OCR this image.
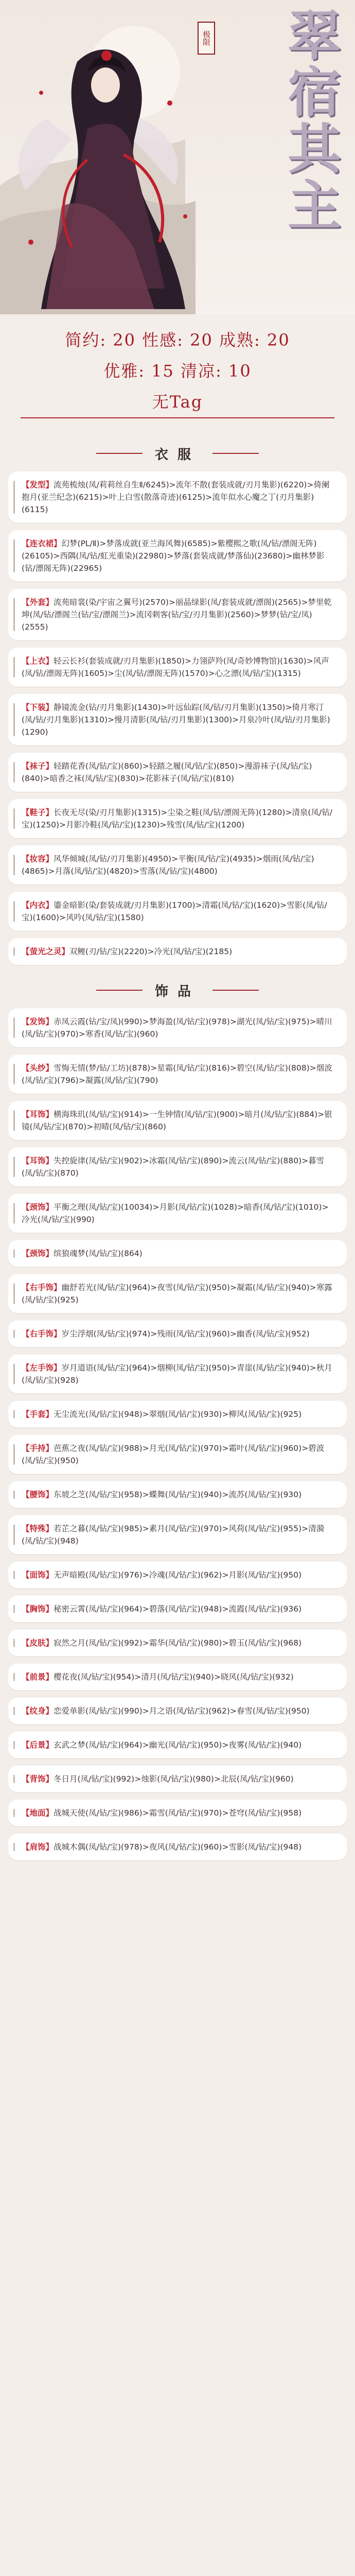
极限	翠宿其主
简约: 20 性感: 20 成熟: 20
优雅: 15 清凉: 10
无Tag
衣服
【发型】流苑梳烛(凤/莉莉丝自生Ⅱ/6245)>流年不散(套装成就/刃月集影)(6220)>倚阑抱月(亚兰纪念)(6215)>叶上白雪(散落奇迹)(6125)>流年似水心魔之丁(刃月集影)(6115)
【连衣裙】幻梦(PL/Ⅱ)>梦落成就(亚兰海风舞)(6585)>紫樱熙之歌(凤/钻/漂阁无阵)(26105)>西隅(凤/钻/虹光重染)(22980)>梦落(套装成就/梦落仙)(23680)>幽林梦影(钻/漂阁无阵)(22965)
【外套】流苑暗裳(染/宇宙之翼号)(2570)>丽晶绿影(凤/套装成就/漂阁)(2565)>梦里乾坤(凤/钻/漂阁兰(钻/宝/漂阁兰)>流冈刺客(钻/宝/刃月集影)(2560)>梦梦(钻/宝/凤)(2555)
【上衣】轻云长衫(套装成就/刃月集影)(1850)>力翎萨羚(凤/奇妙博物馆)(1630)>风声(凤/钻/漂阁无阵)(1605)>尘(凤/钻/漂阁无阵)(1570)>心之漂(凤/钻/宝)(1315)
【下装】静镜流金(钻/刃月集影)(1430)>叶远仙踪(凤/钻/刃月集影)(1350)>倚月寒汀(凤/钻/刃月集影)(1310)>慢月清影(凤/钻/刃月集影)(1300)>月泉冷叶(凤/钻/刃月集影)(1290)
【袜子】轻踏花香(凤/钻/宝)(860)>轻踏之履(凤/钻/宝)(850)>漫游袜子(凤/钻/宝)(840)>暗香之袜(凤/钻/宝)(830)>花影袜子(凤/钻/宝)(810)
【鞋子】长夜无尽(染/刃月集影)(1315)>尘染之鞋(凤/钻/漂阁无阵)(1280)>清泉(凤/钻/宝)(1250)>月影冷鞋(凤/钻/宝)(1230)>残雪(凤/钻/宝)(1200)
【妆容】风华倾城(凤/钻/刃月集影)(4950)>平衡(凤/钻/宝)(4935)>烟雨(凤/钻/宝)(4865)>月落(凤/钻/宝)(4820)>雪落(凤/钻/宝)(4800)
【内衣】鎏金暗影(染/套装成就/刃月集影)(1700)>清霜(凤/钻/宝)(1620)>雪影(凤/钻/宝)(1600)>风吟(凤/钻/宝)(1580)
【萤光之灵】双鲤(刃/钻/宝)(2220)>冷光(凤/钻/宝)(2185)
饰品
【发饰】赤凤云霞(钻/宝/凤)(990)>梦海盈(凤/钻/宝)(978)>湖光(凤/钻/宝)(975)>晴川(凤/钻/宝)(970)>寒香(凤/钻/宝)(960)
【头纱】雪悔无情(梦/钻/工坊)(878)>星霜(凤/钻/宝)(816)>碧空(凤/钻/宝)(808)>烟波(凤/钻/宝)(796)>凝露(凤/钻/宝)(790)
【耳饰】横海珠玑(凤/钻/宝)(914)>一生钟情(凤/钻/宝)(900)>暗月(凤/钻/宝)(884)>银镜(凤/钻/宝)(870)>初晴(凤/钻/宝)(860)
【耳饰】失控旋律(凤/钻/宝)(902)>冰霜(凤/钻/宝)(890)>流云(凤/钻/宝)(880)>暮雪(凤/钻/宝)(870)
【颈饰】平衡之理(凤/钻/宝)(10034)>月影(凤/钻/宝)(1028)>暗香(凤/钻/宝)(1010)>冷光(凤/钻/宝)(990)
【颈饰】缤狼魂梦(凤/钻/宝)(864)
【右手饰】幽舒若光(凤/钻/宝)(964)>夜雪(凤/钻/宝)(950)>凝霜(凤/钻/宝)(940)>寒露(凤/钻/宝)(925)
【右手饰】岁尘浮烟(凤/钻/宝)(974)>残雨(凤/钻/宝)(960)>幽香(凤/钻/宝)(952)
【左手饰】岁月道语(凤/钻/宝)(964)>烟柳(凤/钻/宝)(950)>青崖(凤/钻/宝)(940)>秋月(凤/钻/宝)(928)
【手套】无尘流光(凤/钻/宝)(948)>翠烟(凤/钻/宝)(930)>柳风(凤/钻/宝)(925)
【手持】芭蕉之夜(凤/钻/宝)(988)>月光(凤/钻/宝)(970)>霜叶(凤/钻/宝)(960)>碧波(凤/钻/宝)(950)
【腰饰】东坡之芝(凤/钻/宝)(958)>蝶舞(凤/钻/宝)(940)>流苏(凤/钻/宝)(930)
【特殊】若芷之暮(凤/钻/宝)(985)>素月(凤/钻/宝)(970)>风荷(凤/钻/宝)(955)>清漪(凤/钻/宝)(948)
【面饰】无声暗殿(凤/钻/宝)(976)>冷魂(凤/钻/宝)(962)>月影(凤/钻/宝)(950)
【胸饰】秘密云霄(凤/钻/宝)(964)>碧落(凤/钻/宝)(948)>流霞(凤/钻/宝)(936)
【皮肤】寂然之月(凤/钻/宝)(992)>霜华(凤/钻/宝)(980)>碧玉(凤/钻/宝)(968)
【前景】樱花夜(凤/钻/宝)(954)>清月(凤/钻/宝)(940)>晓风(凤/钻/宝)(932)
【纹身】恋爱单影(凤/钻/宝)(990)>月之语(凤/钻/宝)(962)>春雪(凤/钻/宝)(950)
【后景】玄武之梦(凤/钻/宝)(964)>幽光(凤/钻/宝)(950)>夜雾(凤/钻/宝)(940)
【背饰】冬日月(凤/钻/宝)(992)>烛影(凤/钻/宝)(980)>北辰(凤/钻/宝)(960)
【地面】战城天使(凤/钻/宝)(986)>霜雪(凤/钻/宝)(970)>苍穹(凤/钻/宝)(958)
【肩饰】战城木偶(凤/钻/宝)(978)>夜风(凤/钻/宝)(960)>雪影(凤/钻/宝)(948)
